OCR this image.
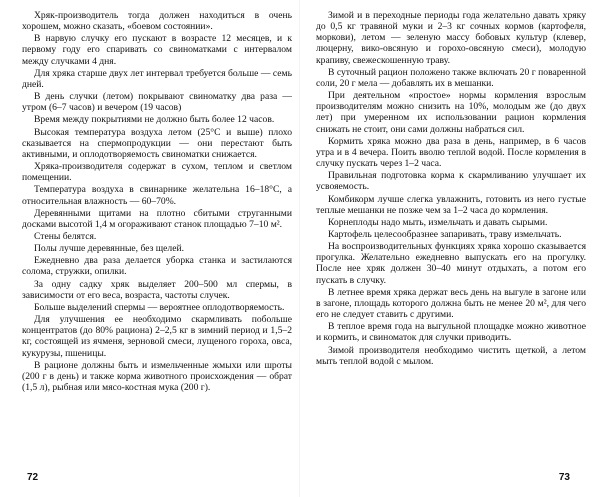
Хряк-производитель тогда должен находиться в очень хорошем, можно сказать, «боевом состоянии».

В нарвую случку его пускают в возрасте 12 месяцев, и к первому году его спаривать со свиноматками с интервалом между случками 4 дня.

Для хряка старше двух лет интервал требуется больше — семь дней.

В день случки (летом) покрывают свиноматку два раза — утром (6–7 часов) и вечером (19 часов)

Время между покрытиями не должно быть более 12 часов.

Высокая температура воздуха летом (25°С и выше) плохо сказывается на спермопродукции — они перестают быть активными, и оплодотворяемость свиноматки снижается.

Хряка-производителя содержат в сухом, теплом и светлом помещении.

Температура воздуха в свинарнике желательна 16–18°С, а относительная влажность — 60–70%.

Деревянными щитами на плотно сбитыми струганными досками высотой 1,4 м огораживают станок площадью 7–10 м².

Стены белятся.

Полы лучше деревянные, без щелей.

Ежедневно два раза делается уборка станка и застилаются солома, стружки, опилки.

За одну садку хряк выделяет 200–500 мл спермы, в зависимости от его веса, возраста, частоты случек.

Больше выделений спермы — вероятнее оплодотворяемость.

Для улучшения ее необходимо скармливать побольше концентратов (до 80% рациона) 2–2,5 кг в зимний период и 1,5–2 кг, состоящей из ячменя, зерновой смеси, лущеного гороха, овса, кукурузы, пшеницы.

В рационе должны быть и измельченные жмыхи или шроты (200 г в день) и также корма животного происхождения — обрат (1,5 л), рыбная или мясо-костная мука (200 г).

72

Зимой и в переходные периоды года желательно давать хряку до 0,5 кг травяной муки и 2–3 кг сочных кормов (картофеля, моркови), летом — зеленую массу бобовых культур (клевер, люцерну, вико-овсяную и горохо-овсяную смеси), молодую крапиву, свежескошенную траву.

В суточный рацион положено также включать 20 г поваренной соли, 20 г мела — добавлять их в мешанки.

При деятельном «простое» нормы кормления взрослым производителям можно снизить на 10%, молодым же (до двух лет) при умеренном их использовании рацион кормления снижать не стоит, они сами должны набраться сил.

Кормить хряка можно два раза в день, например, в 6 часов утра и в 4 вечера. Поить вволю теплой водой. После кормления в случку пускать через 1–2 часа.

Правильная подготовка корма к скармливанию улучшает их усвояемость.

Комбикорм лучше слегка увлажнить, готовить из него густые теплые мешанки не позже чем за 1–2 часа до кормления.

Корнеплоды надо мыть, измельчать и давать сырыми.

Картофель целесообразнее запаривать, траву измельчать.

На воспроизводительных функциях хряка хорошо сказывается прогулка. Желательно ежедневно выпускать его на прогулку. После нее хряк должен 30–40 минут отдыхать, а потом его пускать в случку.

В летнее время хряка держат весь день на выгуле в загоне или в загоне, площадь которого должна быть не менее 20 м², для чего его не следует ставить с другими.

В теплое время года на выгульной площадке можно животное и кормить, и свиноматок для случки приводить.

Зимой производителя необходимо чистить щеткой, а летом мыть теплой водой с мылом.

73
